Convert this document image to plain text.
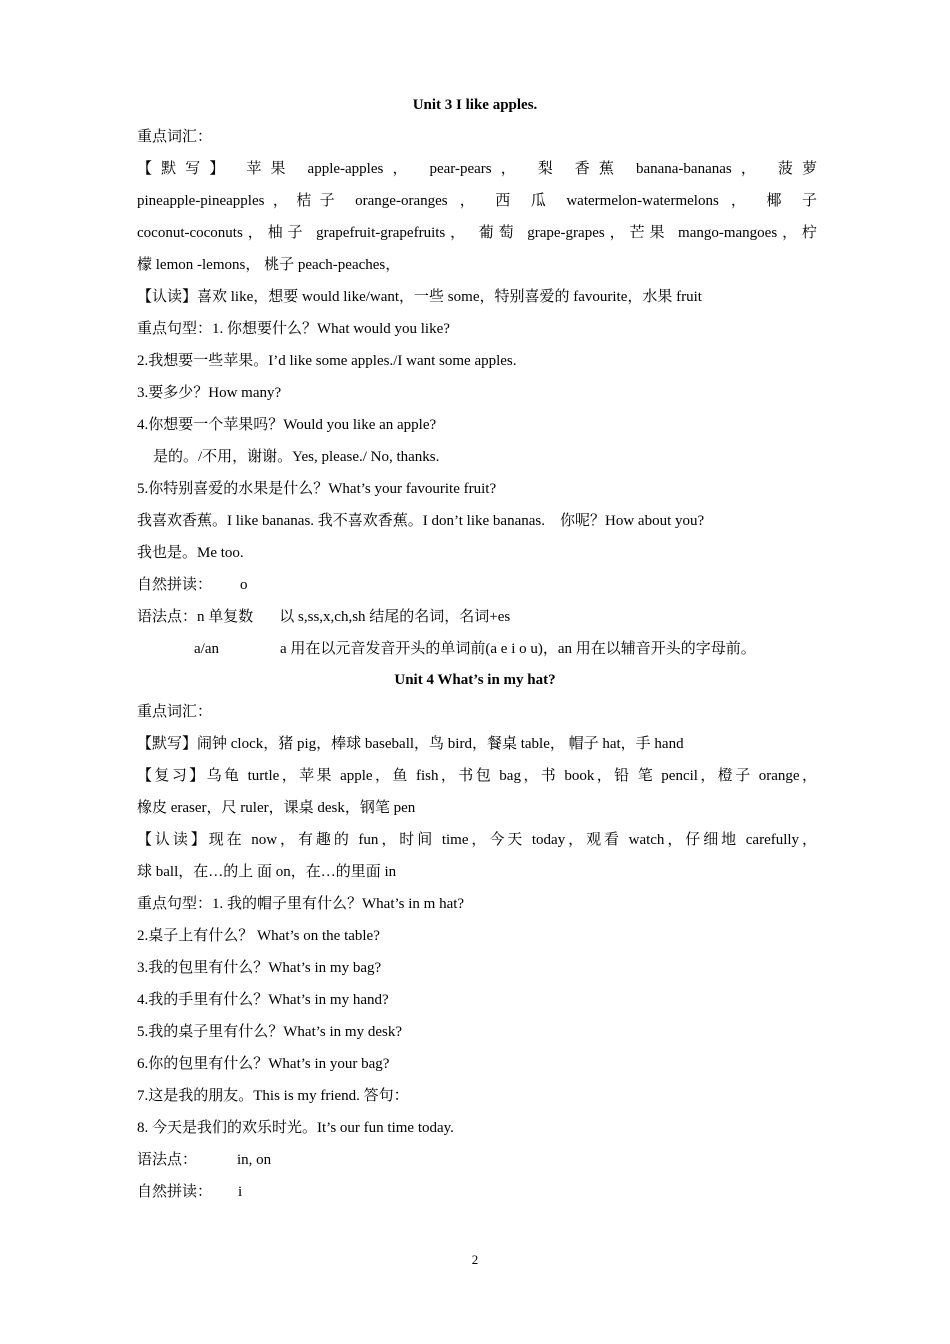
Unit 3 I like apples.
重点词汇：
【默写】 苹果 apple-apples， pear-pears， 梨 香蕉 banana-bananas， 菠萝
pineapple-pineapples，桔子 orange-oranges ， 西 瓜 watermelon-watermelons ， 椰 子
coconut-coconuts，柚子 grapefruit-grapefruits， 葡萄 grape-grapes，芒果 mango-mangoes，柠
檬 lemon -lemons， 桃子 peach-peaches，
【认读】喜欢 like，想要 would like/want，一些 some，特别喜爱的 favourite，水果 fruit
重点句型：1. 你想要什么？What would you like?
2.我想要一些苹果。I’d like some apples./I want some apples.
3.要多少？How many?
4.你想要一个苹果吗？Would you like an apple?
是的。/不用，谢谢。Yes, please./ No, thanks.
5.你特别喜爱的水果是什么？What’s your favourite fruit?
我喜欢香蕉。I like bananas. 我不喜欢香蕉。I don’t like bananas.　你呢？How about you?
我也是。Me too.
自然拼读： o
语法点：n 单复数 以 s,ss,x,ch,sh 结尾的名词，名词+es
a/an	a 用在以元音发音开头的单词前(a e i o u)，an 用在以辅音开头的字母前。
Unit 4 What’s in my hat?
重点词汇：
【默写】闹钟 clock，猪 pig，棒球 baseball，鸟 bird，餐桌 table， 帽子 hat，手 hand
【复习】乌龟 turtle，苹果 apple，鱼 fish，书包 bag，书 book，铅 笔 pencil，橙子 orange，
橡皮 eraser，尺 ruler，课桌 desk，钢笔 pen
【认读】现在 now，有趣的 fun，时间 time，今天 today，观看 watch，仔细地 carefully，
球 ball，在…的上 面 on，在…的里面 in
重点句型：1. 我的帽子里有什么？What’s in m hat?
2.桌子上有什么？ What’s on the table?
3.我的包里有什么？What’s in my bag?
4.我的手里有什么？What’s in my hand?
5.我的桌子里有什么？What’s in my desk?
6.你的包里有什么？What’s in your bag?
7.这是我的朋友。This is my friend. 答句：
8. 今天是我们的欢乐时光。It’s our fun time today.
语法点：	in, on
自然拼读： i
2
